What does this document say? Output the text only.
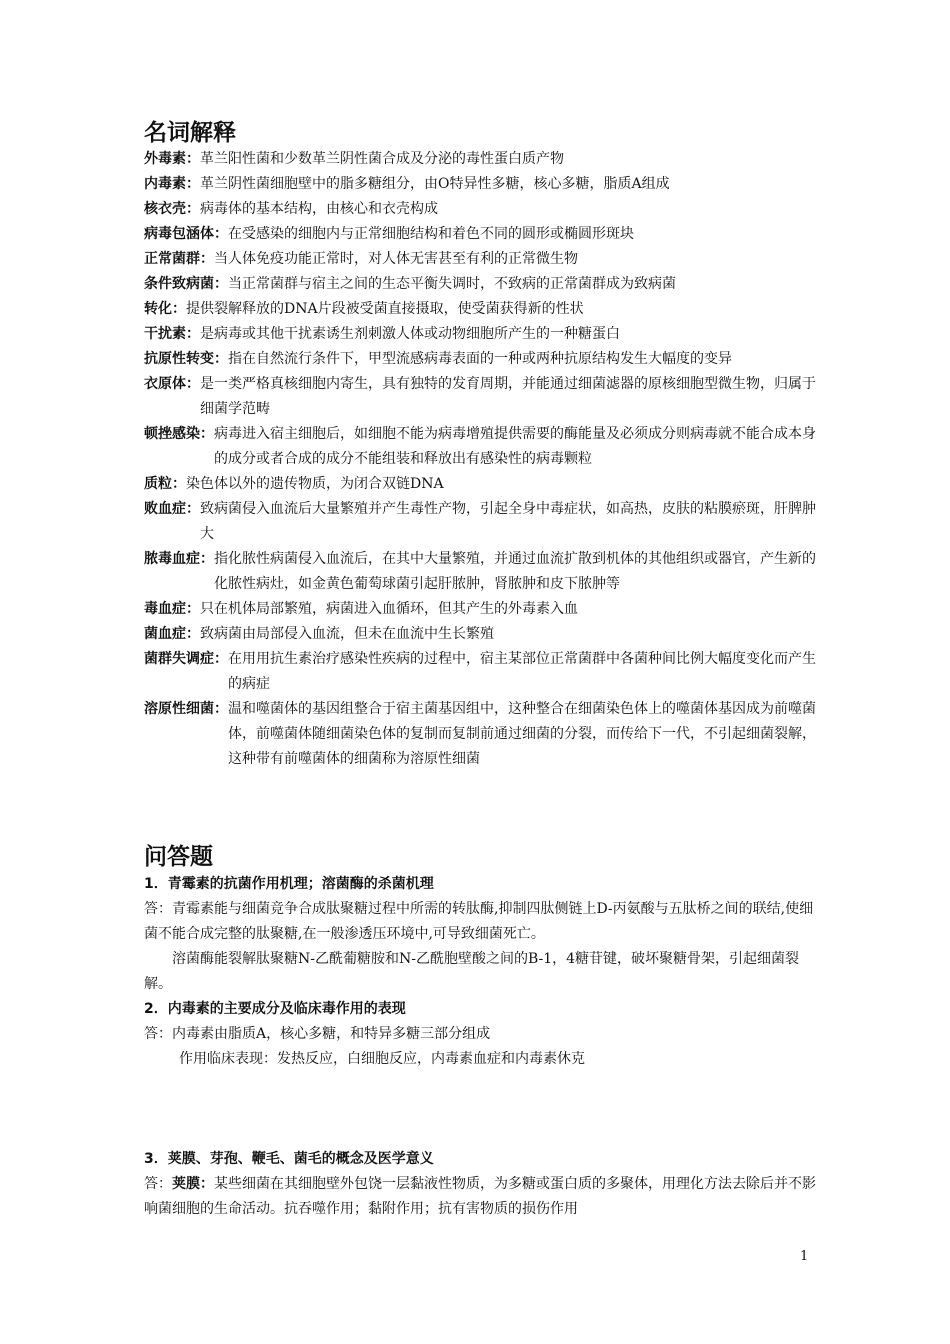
名词解释
外毒素： 革兰阳性菌和少数革兰阴性菌合成及分泌的毒性蛋白质产物
内毒素： 革兰阴性菌细胞壁中的脂多糖组分，由O特异性多糖，核心多糖，脂质A组成
核衣壳： 病毒体的基本结构，由核心和衣壳构成
病毒包涵体： 在受感染的细胞内与正常细胞结构和着色不同的圆形或椭圆形斑块
正常菌群： 当人体免疫功能正常时，对人体无害甚至有利的正常微生物
条件致病菌： 当正常菌群与宿主之间的生态平衡失调时，不致病的正常菌群成为致病菌
转化： 提供裂解释放的DNA片段被受菌直接摄取，使受菌获得新的性状
干扰素： 是病毒或其他干扰素诱生剂刺激人体或动物细胞所产生的一种糖蛋白
抗原性转变： 指在自然流行条件下，甲型流感病毒表面的一种或两种抗原结构发生大幅度的变异
衣原体： 是一类严格真核细胞内寄生，具有独特的发育周期，并能通过细菌滤器的原核细胞型微生物，归属于细菌学范畴
顿挫感染： 病毒进入宿主细胞后，如细胞不能为病毒增殖提供需要的酶能量及必须成分则病毒就不能合成本身的成分或者合成的成分不能组装和释放出有感染性的病毒颗粒
质粒： 染色体以外的遗传物质，为闭合双链DNA
败血症： 致病菌侵入血流后大量繁殖并产生毒性产物，引起全身中毒症状，如高热，皮肤的粘膜瘀斑，肝脾肿大
脓毒血症： 指化脓性病菌侵入血流后，在其中大量繁殖，并通过血流扩散到机体的其他组织或器官，产生新的化脓性病灶，如金黄色葡萄球菌引起肝脓肿，肾脓肿和皮下脓肿等
毒血症： 只在机体局部繁殖，病菌进入血循环，但其产生的外毒素入血
菌血症： 致病菌由局部侵入血流，但未在血流中生长繁殖
菌群失调症： 在用用抗生素治疗感染性疾病的过程中，宿主某部位正常菌群中各菌种间比例大幅度变化而产生的病症
溶原性细菌： 温和噬菌体的基因组整合于宿主菌基因组中，这种整合在细菌染色体上的噬菌体基因成为前噬菌体，前噬菌体随细菌染色体的复制而复制前通过细菌的分裂，而传给下一代，不引起细菌裂解，这种带有前噬菌体的细菌称为溶原性细菌
问答题
1．青霉素的抗菌作用机理；溶菌酶的杀菌机理
答：青霉素能与细菌竞争合成肽聚糖过程中所需的转肽酶,抑制四肽侧链上D-丙氨酸与五肽桥之间的联结,使细菌不能合成完整的肽聚糖,在一般渗透压环境中,可导致细菌死亡。
溶菌酶能裂解肽聚糖N-乙酰葡糖胺和N-乙酰胞壁酸之间的B-1，4糖苷键，破坏聚糖骨架，引起细菌裂解。
2．内毒素的主要成分及临床毒作用的表现
答：内毒素由脂质A，核心多糖，和特异多糖三部分组成
作用临床表现：发热反应，白细胞反应，内毒素血症和内毒素休克
3．荚膜、芽孢、鞭毛、菌毛的概念及医学意义
答：荚膜：某些细菌在其细胞壁外包饶一层黏液性物质，为多糖或蛋白质的多聚体，用理化方法去除后并不影响菌细胞的生命活动。抗吞噬作用；黏附作用；抗有害物质的损伤作用
1
